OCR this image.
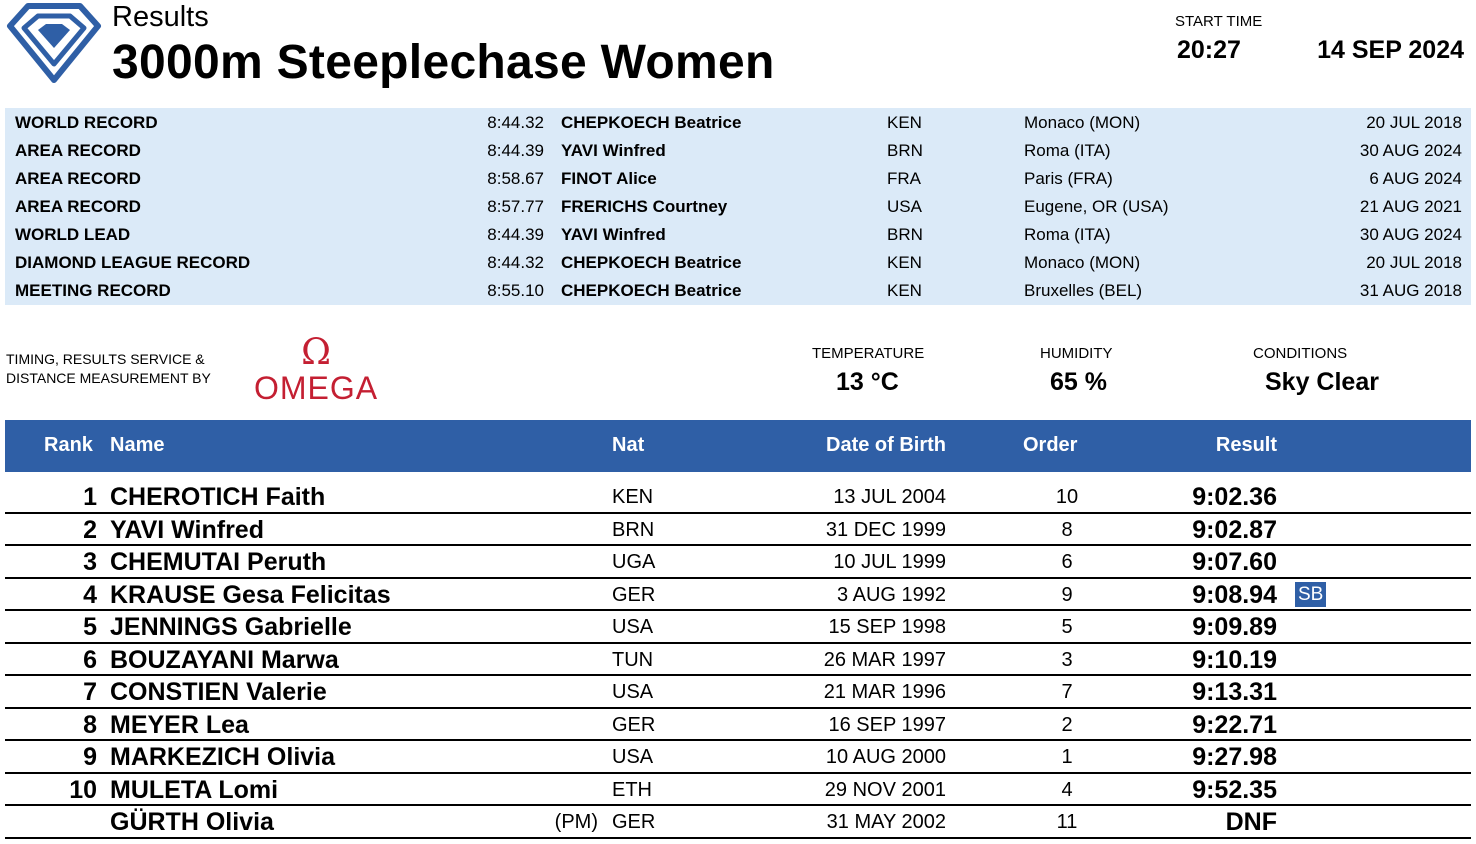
Results
3000m Steeplechase Women
START TIME
20:27	14 SEP 2024
WORLD RECORD	8:44.32 CHEPKOECH Beatrice	KEN	Monaco (MON)	20 JUL 2018
AREA RECORD	8:44.39 YAVI Winfred	BRN	Roma (ITA)	30 AUG 2024
AREA RECORD	8:58.67 FINOT Alice	FRA	Paris (FRA)	6 AUG 2024
AREA RECORD	8:57.77 FRERICHS Courtney	USA	Eugene, OR (USA)	21 AUG 2021
WORLD LEAD	8:44.39 YAVI Winfred	BRN	Roma (ITA)	30 AUG 2024
DIAMOND LEAGUE RECORD	8:44.32 CHEPKOECH Beatrice	KEN	Monaco (MON)	20 JUL 2018
MEETING RECORD	8:55.10 CHEPKOECH Beatrice	KEN	Bruxelles (BEL)	31 AUG 2018
TIMING, RESULTS SERVICE &
DISTANCE MEASUREMENT BY
Ω
OMEGA
TEMPERATURE
13 °C
HUMIDITY
65 %
CONDITIONS
Sky Clear
Rank Name	Nat	Date of Birth	Order	Result
1 CHEROTICH Faith	KEN	13 JUL 2004	10	9:02.36
2 YAVI Winfred	BRN	31 DEC 1999	8	9:02.87
3 CHEMUTAI Peruth	UGA	10 JUL 1999	6	9:07.60
4 KRAUSE Gesa Felicitas	GER	3 AUG 1992	9	9:08.94 SB
5 JENNINGS Gabrielle	USA	15 SEP 1998	5	9:09.89
6 BOUZAYANI Marwa	TUN	26 MAR 1997	3	9:10.19
7 CONSTIEN Valerie	USA	21 MAR 1996	7	9:13.31
8 MEYER Lea	GER	16 SEP 1997	2	9:22.71
9 MARKEZICH Olivia	USA	10 AUG 2000	1	9:27.98
10 MULETA Lomi	ETH	29 NOV 2001	4	9:52.35
GÜRTH Olivia	(PM) GER	31 MAY 2002	11	DNF
